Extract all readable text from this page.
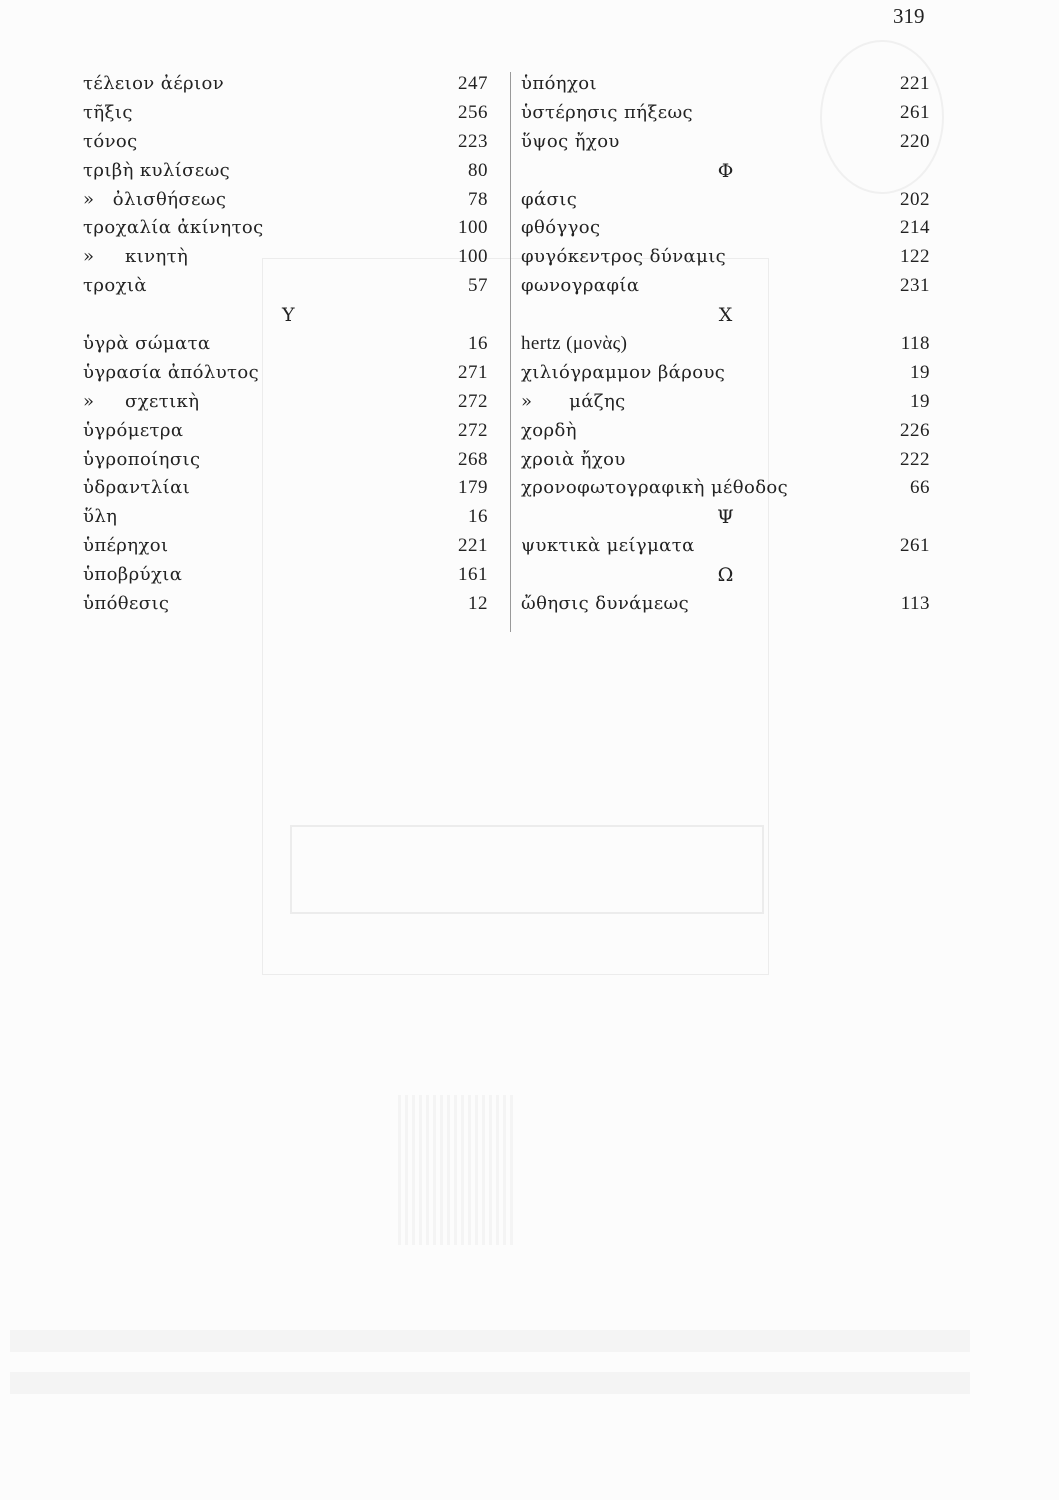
319
τέλειον ἀέριον	247
τῆξις	256
τόνος	223
τριβὴ κυλίσεως	80
»   ὀλισθήσεως	78
τροχαλία ἀκίνητος	100
»     κινητὴ	100
τροχιὰ	57
Υ
ὑγρὰ σώματα	16
ὑγρασία ἀπόλυτος	271
»     σχετικὴ	272
ὑγρόμετρα	272
ὑγροποίησις	268
ὑδραντλίαι	179
ὕλη	16
ὑπέρηχοι	221
ὑποβρύχια	161
ὑπόθεσις	12
ὑπόηχοι	221
ὑστέρησις πήξεως	261
ὕψος ἤχου	220
Φ
φάσις	202
φθόγγος	214
φυγόκεντρος δύναμις	122
φωνογραφία	231
Χ
hertz (μονὰς)	118
χιλιόγραμμον βάρους	19
»      μάζης	19
χορδὴ	226
χροιὰ ἤχου	222
χρονοφωτογραφικὴ μέθοδος	66
Ψ
ψυκτικὰ μείγματα	261
Ω
ὤθησις δυνάμεως	113
